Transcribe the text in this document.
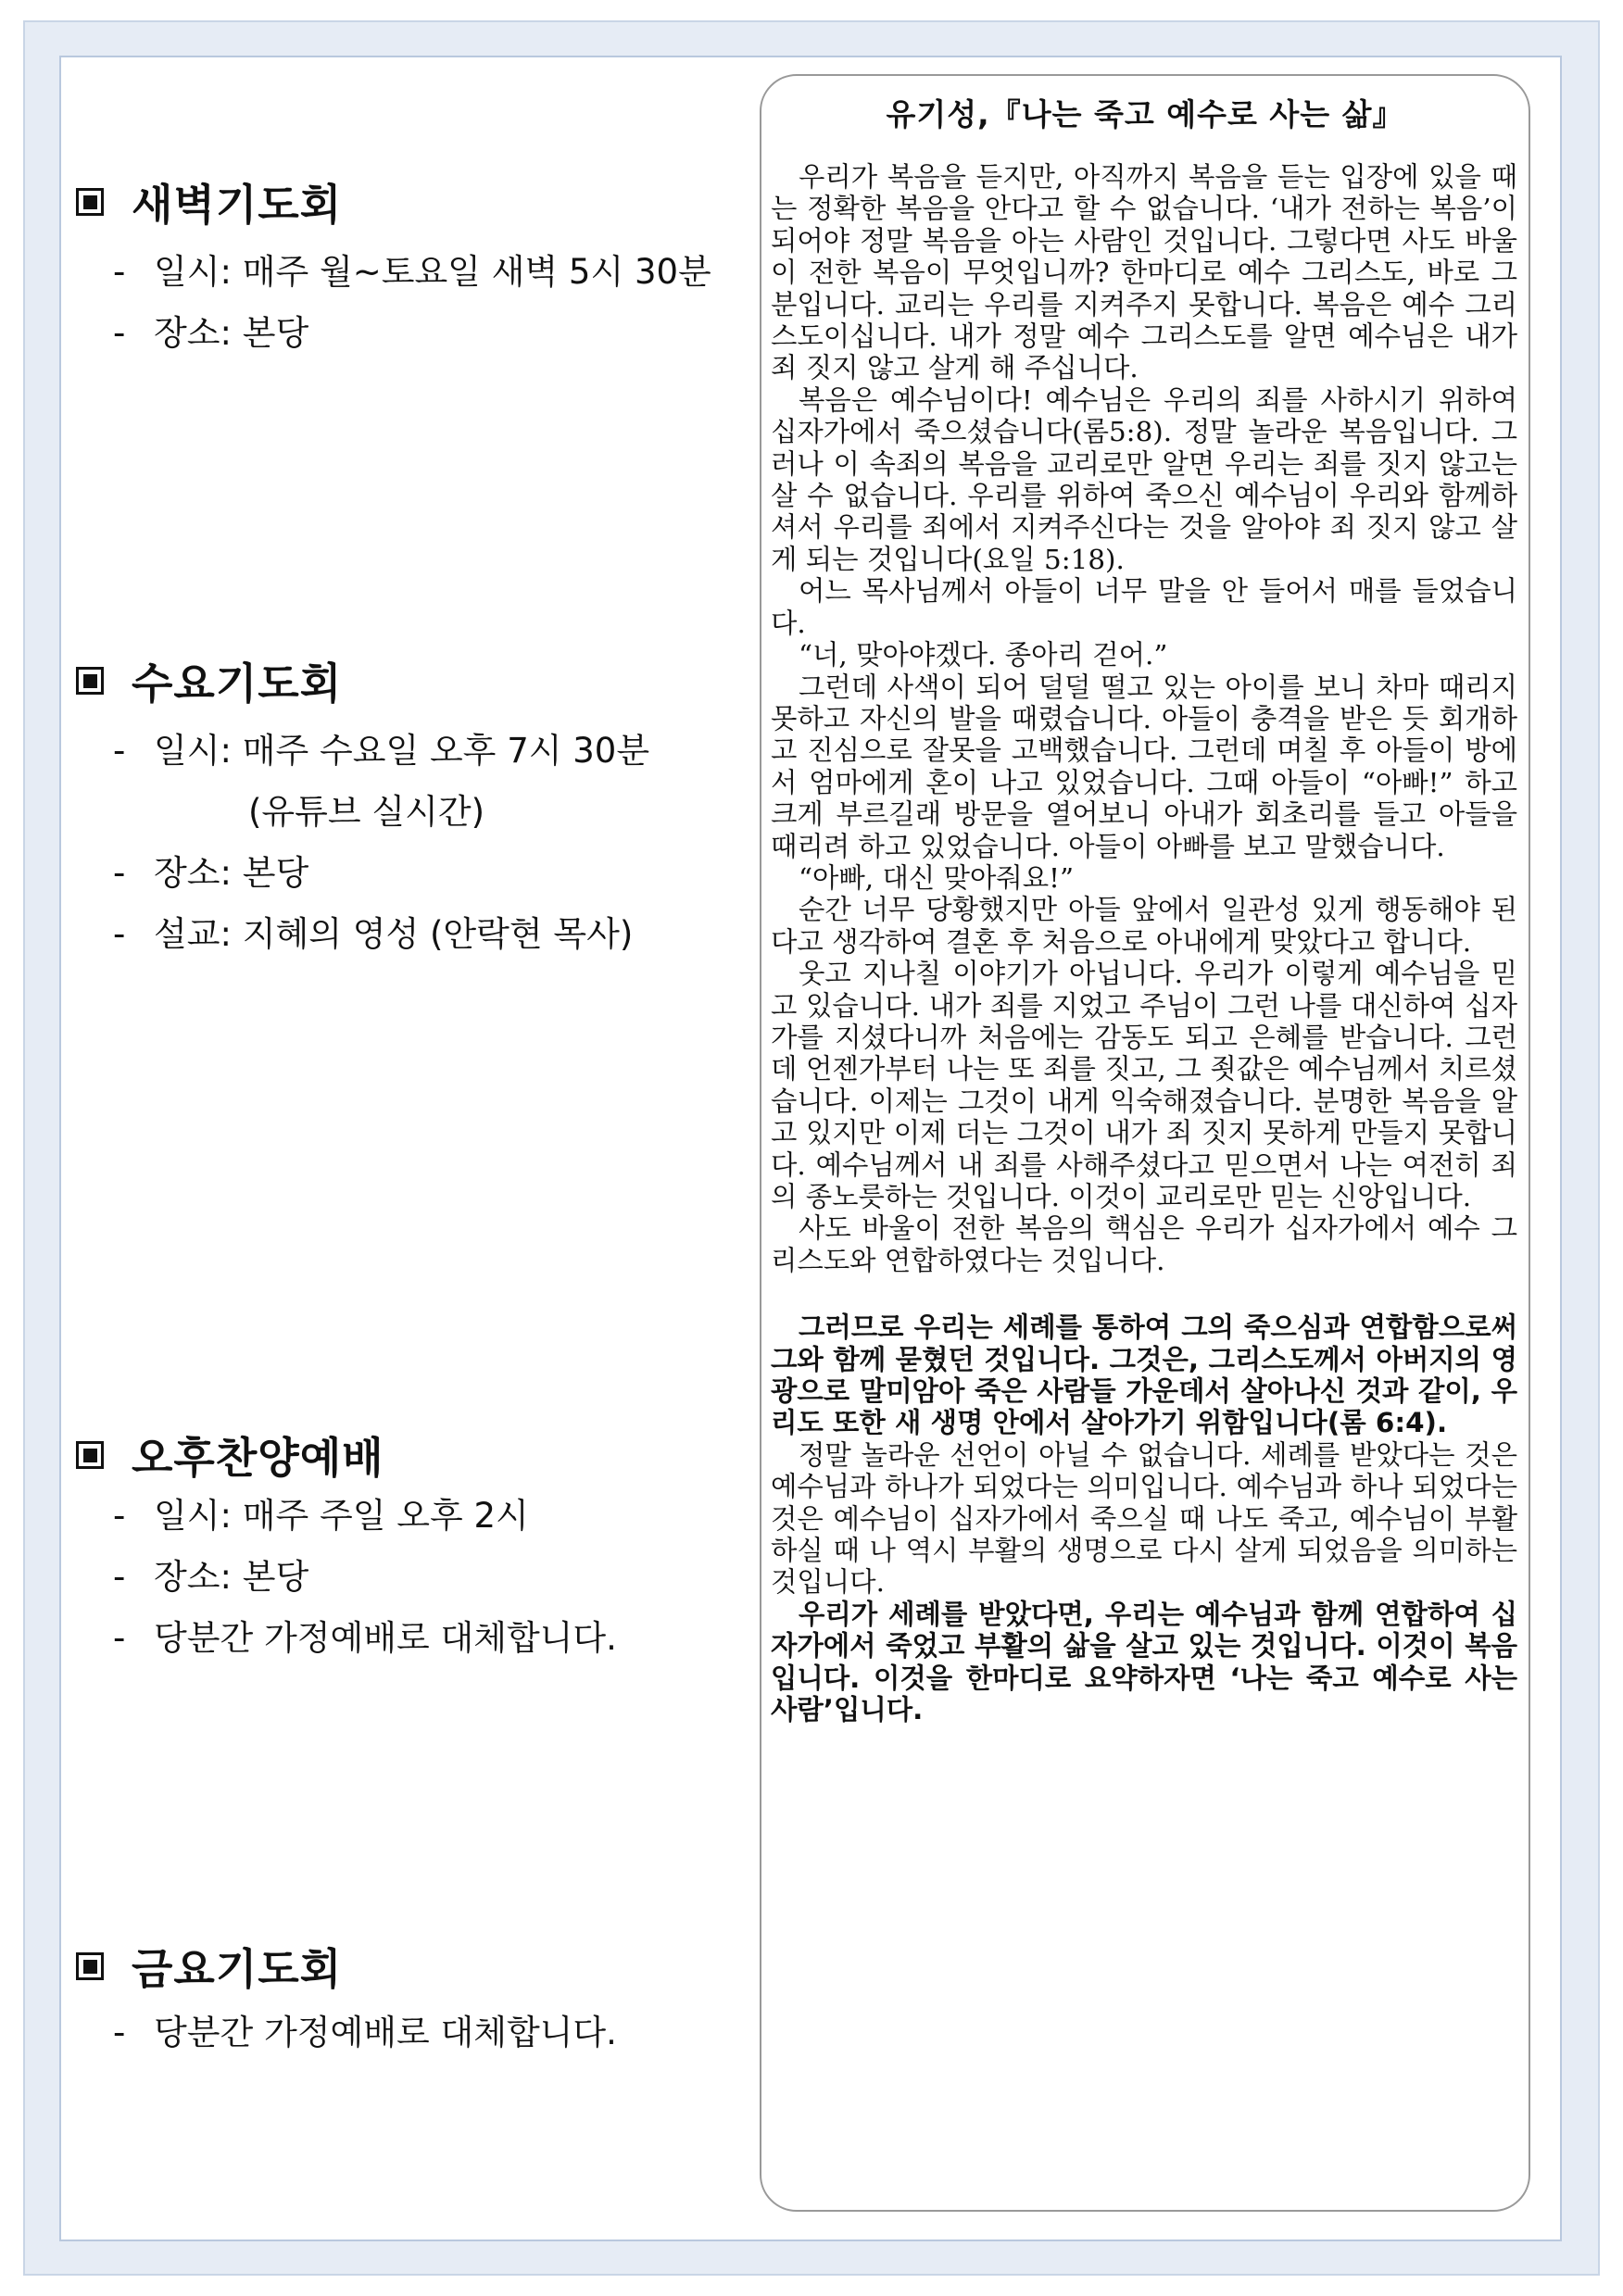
새벽기도회
- 일시: 매주 월~토요일 새벽 5시 30분
- 장소: 본당
수요기도회
- 일시: 매주 수요일 오후 7시 30분
(유튜브 실시간)
- 장소: 본당
- 설교: 지혜의 영성 (안락현 목사)
오후찬양예배
- 일시: 매주 주일 오후 2시
- 장소: 본당
- 당분간 가정예배로 대체합니다.
금요기도회
- 당분간 가정예배로 대체합니다.
유기성,『나는 죽고 예수로 사는 삶』

우리가 복음을 듣지만, 아직까지 복음을 듣는 입장에 있을 때는 정확한 복음을 안다고 할 수 없습니다. ‘내가 전하는 복음’이 되어야 정말 복음을 아는 사람인 것입니다. 그렇다면 사도 바울이 전한 복음이 무엇입니까? 한마디로 예수 그리스도, 바로 그분입니다. 교리는 우리를 지켜주지 못합니다. 복음은 예수 그리스도이십니다. 내가 정말 예수 그리스도를 알면 예수님은 내가 죄 짓지 않고 살게 해 주십니다.

복음은 예수님이다! 예수님은 우리의 죄를 사하시기 위하여 십자가에서 죽으셨습니다(롬5:8). 정말 놀라운 복음입니다. 그러나 이 속죄의 복음을 교리로만 알면 우리는 죄를 짓지 않고는 살 수 없습니다. 우리를 위하여 죽으신 예수님이 우리와 함께하셔서 우리를 죄에서 지켜주신다는 것을 알아야 죄 짓지 않고 살게 되는 것입니다(요일 5:18).

어느 목사님께서 아들이 너무 말을 안 들어서 매를 들었습니다.

“너, 맞아야겠다. 종아리 걷어.”

그런데 사색이 되어 덜덜 떨고 있는 아이를 보니 차마 때리지 못하고 자신의 발을 때렸습니다. 아들이 충격을 받은 듯 회개하고 진심으로 잘못을 고백했습니다. 그런데 며칠 후 아들이 방에서 엄마에게 혼이 나고 있었습니다. 그때 아들이 “아빠!” 하고 크게 부르길래 방문을 열어보니 아내가 회초리를 들고 아들을 때리려 하고 있었습니다. 아들이 아빠를 보고 말했습니다.

“아빠, 대신 맞아줘요!”

순간 너무 당황했지만 아들 앞에서 일관성 있게 행동해야 된다고 생각하여 결혼 후 처음으로 아내에게 맞았다고 합니다.

웃고 지나칠 이야기가 아닙니다. 우리가 이렇게 예수님을 믿고 있습니다. 내가 죄를 지었고 주님이 그런 나를 대신하여 십자가를 지셨다니까 처음에는 감동도 되고 은혜를 받습니다. 그런데 언젠가부터 나는 또 죄를 짓고, 그 죗값은 예수님께서 치르셨습니다. 이제는 그것이 내게 익숙해졌습니다. 분명한 복음을 알고 있지만 이제 더는 그것이 내가 죄 짓지 못하게 만들지 못합니다. 예수님께서 내 죄를 사해주셨다고 믿으면서 나는 여전히 죄의 종노릇하는 것입니다. 이것이 교리로만 믿는 신앙입니다.

사도 바울이 전한 복음의 핵심은 우리가 십자가에서 예수 그리스도와 연합하였다는 것입니다.

그러므로 우리는 세례를 통하여 그의 죽으심과 연합함으로써 그와 함께 묻혔던 것입니다. 그것은, 그리스도께서 아버지의 영광으로 말미암아 죽은 사람들 가운데서 살아나신 것과 같이, 우리도 또한 새 생명 안에서 살아가기 위함입니다(롬 6:4).

정말 놀라운 선언이 아닐 수 없습니다. 세례를 받았다는 것은 예수님과 하나가 되었다는 의미입니다. 예수님과 하나 되었다는 것은 예수님이 십자가에서 죽으실 때 나도 죽고, 예수님이 부활하실 때 나 역시 부활의 생명으로 다시 살게 되었음을 의미하는 것입니다.

우리가 세례를 받았다면, 우리는 예수님과 함께 연합하여 십자가에서 죽었고 부활의 삶을 살고 있는 것입니다. 이것이 복음입니다. 이것을 한마디로 요약하자면 ‘나는 죽고 예수로 사는 사람’입니다.
